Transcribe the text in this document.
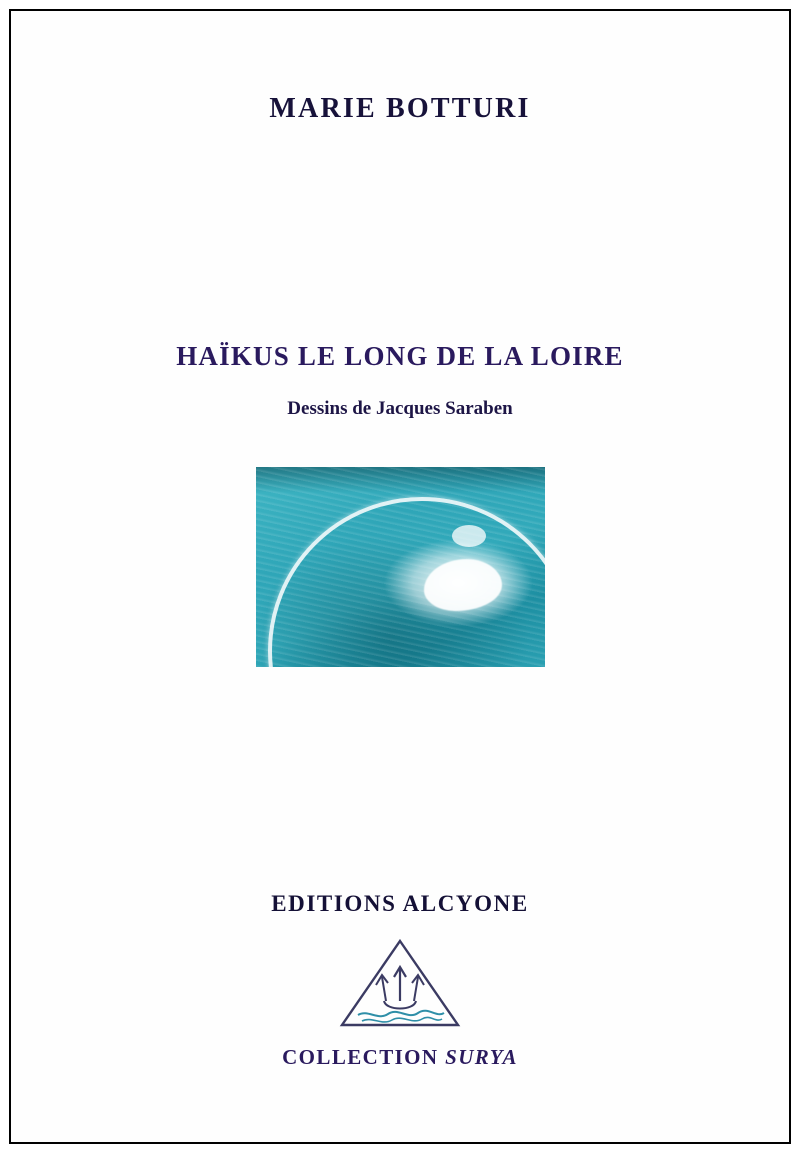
MARIE BOTTURI
HAÏKUS LE LONG DE LA LOIRE
Dessins de Jacques Saraben
EDITIONS ALCYONE
COLLECTION SURYA
